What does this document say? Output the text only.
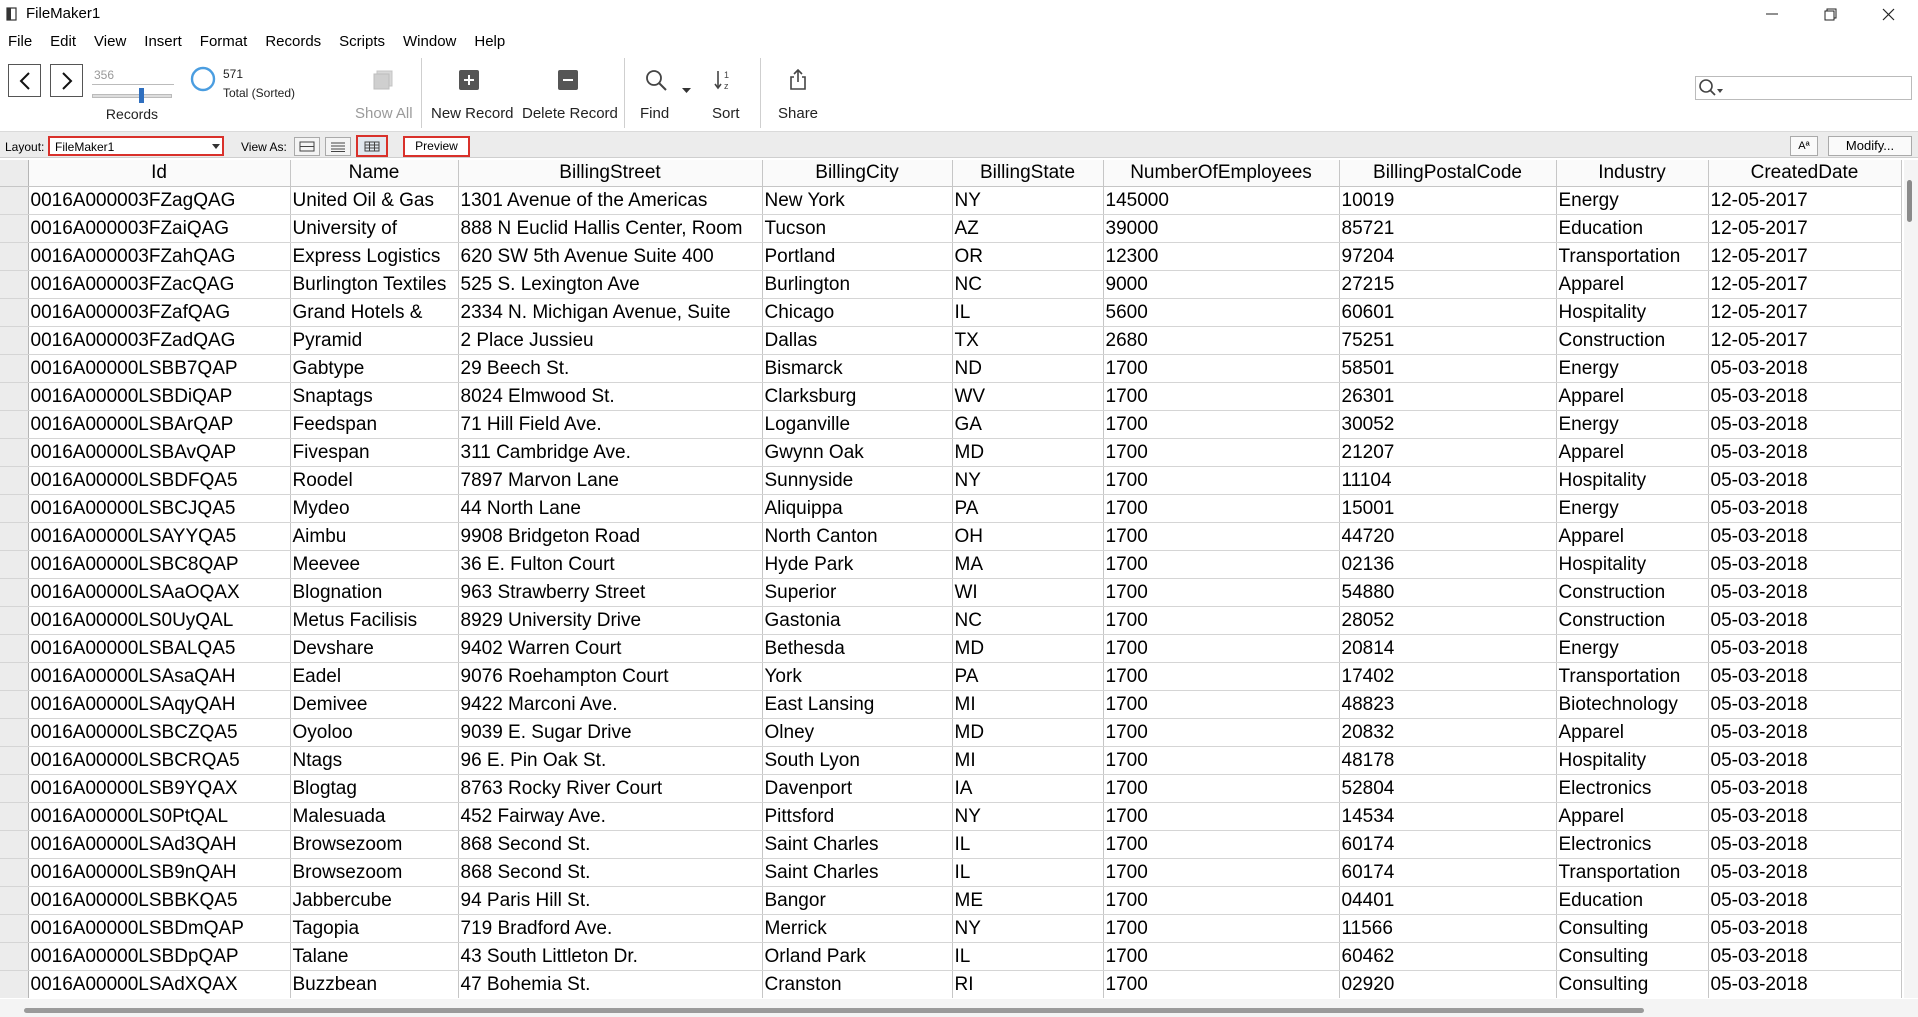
FileMaker1
File	Edit	View	Insert	Format	Records	Scripts	Window	Help
356
Records
571
Total (Sorted)
Show All New Record Delete Record Find
1
z
Sort	Share
Layout: FileMaker1	View As:	Preview	Aª	Modify...
	Id	Name	BillingStreet	BillingCity	BillingState	NumberOfEmployees	BillingPostalCode	Industry	CreatedDate
	0016A000003FZagQAG	United Oil & Gas	1301 Avenue of the Americas	New York	NY	145000	10019	Energy	12-05-2017
	0016A000003FZaiQAG	University of	888 N Euclid Hallis Center, Room	Tucson	AZ	39000	85721	Education	12-05-2017
	0016A000003FZahQAG	Express Logistics	620 SW 5th Avenue Suite 400	Portland	OR	12300	97204	Transportation	12-05-2017
	0016A000003FZacQAG	Burlington Textiles	525 S. Lexington Ave	Burlington	NC	9000	27215	Apparel	12-05-2017
	0016A000003FZafQAG	Grand Hotels &	2334 N. Michigan Avenue, Suite	Chicago	IL	5600	60601	Hospitality	12-05-2017
	0016A000003FZadQAG	Pyramid	2 Place Jussieu	Dallas	TX	2680	75251	Construction	12-05-2017
	0016A00000LSBB7QAP	Gabtype	29 Beech St.	Bismarck	ND	1700	58501	Energy	05-03-2018
	0016A00000LSBDiQAP	Snaptags	8024 Elmwood St.	Clarksburg	WV	1700	26301	Apparel	05-03-2018
	0016A00000LSBArQAP	Feedspan	71 Hill Field Ave.	Loganville	GA	1700	30052	Energy	05-03-2018
	0016A00000LSBAvQAP	Fivespan	311 Cambridge Ave.	Gwynn Oak	MD	1700	21207	Apparel	05-03-2018
	0016A00000LSBDFQA5	Roodel	7897 Marvon Lane	Sunnyside	NY	1700	11104	Hospitality	05-03-2018
	0016A00000LSBCJQA5	Mydeo	44 North Lane	Aliquippa	PA	1700	15001	Energy	05-03-2018
	0016A00000LSAYYQA5	Aimbu	9908 Bridgeton Road	North Canton	OH	1700	44720	Apparel	05-03-2018
	0016A00000LSBC8QAP	Meevee	36 E. Fulton Court	Hyde Park	MA	1700	02136	Hospitality	05-03-2018
	0016A00000LSAaOQAX	Blognation	963 Strawberry Street	Superior	WI	1700	54880	Construction	05-03-2018
	0016A00000LS0UyQAL	Metus Facilisis	8929 University Drive	Gastonia	NC	1700	28052	Construction	05-03-2018
	0016A00000LSBALQA5	Devshare	9402 Warren Court	Bethesda	MD	1700	20814	Energy	05-03-2018
	0016A00000LSAsaQAH	Eadel	9076 Roehampton Court	York	PA	1700	17402	Transportation	05-03-2018
	0016A00000LSAqyQAH	Demivee	9422 Marconi Ave.	East Lansing	MI	1700	48823	Biotechnology	05-03-2018
	0016A00000LSBCZQA5	Oyoloo	9039 E. Sugar Drive	Olney	MD	1700	20832	Apparel	05-03-2018
	0016A00000LSBCRQA5	Ntags	96 E. Pin Oak St.	South Lyon	MI	1700	48178	Hospitality	05-03-2018
	0016A00000LSB9YQAX	Blogtag	8763 Rocky River Court	Davenport	IA	1700	52804	Electronics	05-03-2018
	0016A00000LS0PtQAL	Malesuada	452 Fairway Ave.	Pittsford	NY	1700	14534	Apparel	05-03-2018
	0016A00000LSAd3QAH	Browsezoom	868 Second St.	Saint Charles	IL	1700	60174	Electronics	05-03-2018
	0016A00000LSB9nQAH	Browsezoom	868 Second St.	Saint Charles	IL	1700	60174	Transportation	05-03-2018
	0016A00000LSBBKQA5	Jabbercube	94 Paris Hill St.	Bangor	ME	1700	04401	Education	05-03-2018
	0016A00000LSBDmQAP	Tagopia	719 Bradford Ave.	Merrick	NY	1700	11566	Consulting	05-03-2018
	0016A00000LSBDpQAP	Talane	43 South Littleton Dr.	Orland Park	IL	1700	60462	Consulting	05-03-2018
	0016A00000LSAdXQAX	Buzzbean	47 Bohemia St.	Cranston	RI	1700	02920	Consulting	05-03-2018
